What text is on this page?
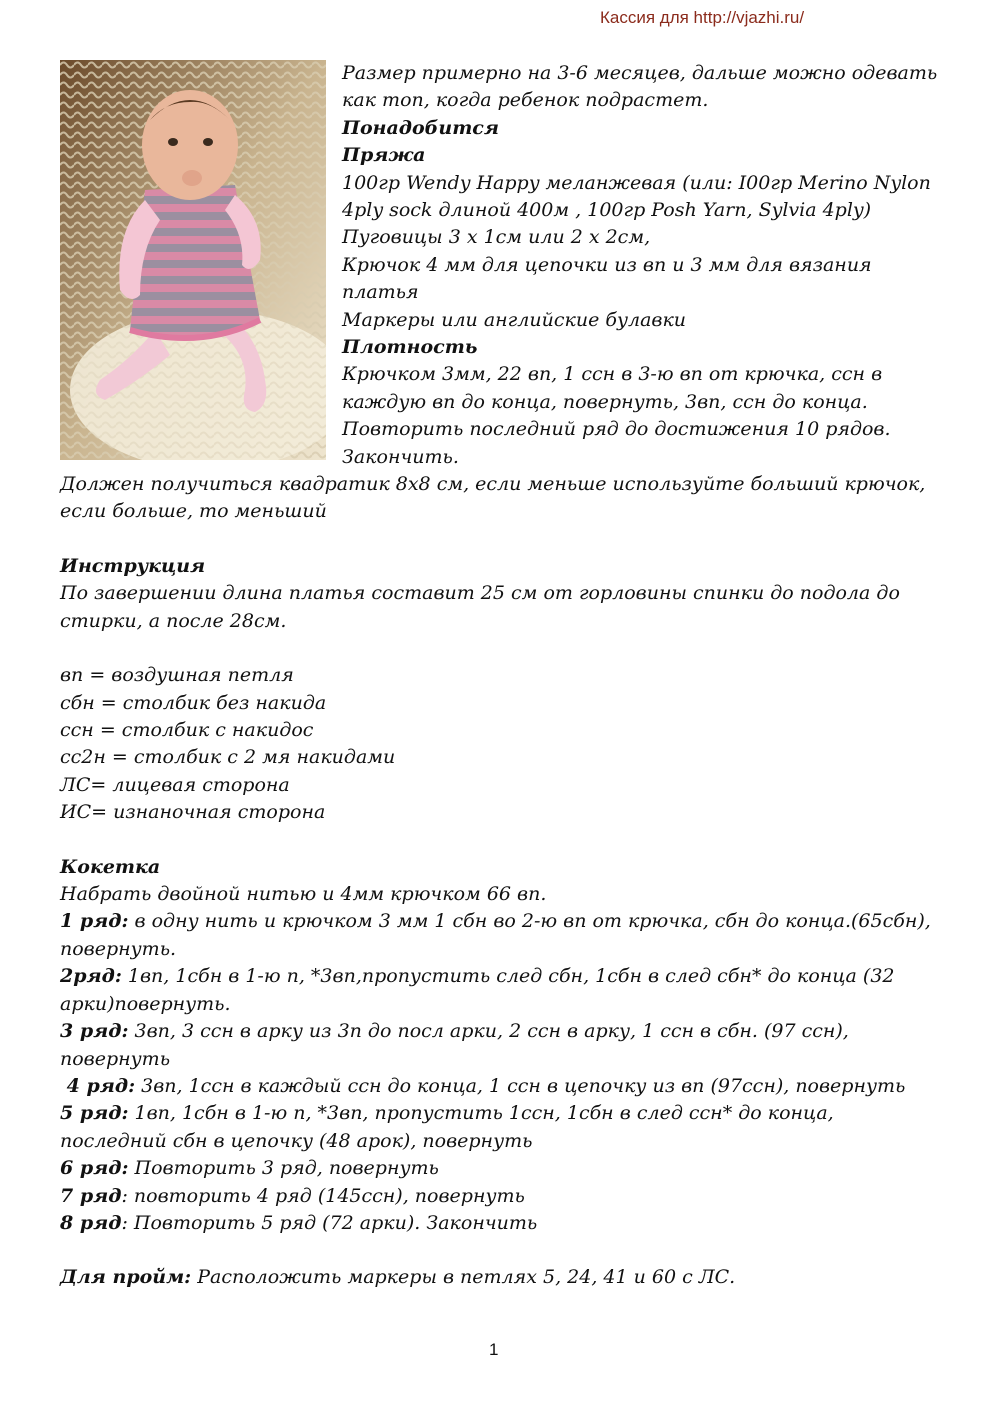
Кассия для http://vjazhi.ru/

Размер примерно на 3-6 месяцев, дальше можно одевать как топ, когда ребенок подрастет.

Понадобится

Пряжа

100гр Wendy Happy меланжевая (или: I00гр Merino Nylon 4ply sock длиной 400м , 100гр Posh Yarn, Sylvia 4ply)

Пуговицы 3 x 1см или 2 x 2см,

Крючок 4 мм для цепочки из вп и 3 мм для вязания платья

Маркеры или английские булавки

Плотность

Крючком 3мм, 22 вп, 1 ссн в 3-ю вп от крючка, ссн в каждую вп до конца, повернуть, 3вп, ссн до конца. Повторить последний ряд до достижения 10 рядов. Закончить.

Должен получиться квадратик 8x8 см, если меньше используйте больший крючок, если больше, то меньший

Инструкция

По завершении длина платья составит 25 см от горловины спинки до подола до стирки, а после 28см.

вп = воздушная петля

сбн = столбик без накида

ссн = столбик с накидос

сс2н = столбик с 2 мя накидами

ЛС= лицевая сторона

ИС= изнаночная сторона

Кокетка

Набрать двойной нитью и 4мм крючком 66 вп.

1 ряд: в одну нить и крючком 3 мм 1 сбн во 2-ю вп от крючка, сбн до конца.(65сбн), повернуть.

2ряд: 1вп, 1сбн в 1-ю п, *3вп,пропустить след сбн, 1сбн в след сбн* до конца (32 арки)повернуть.

3 ряд: 3вп, 3 ссн в арку из 3п до посл арки, 2 ссн в арку, 1 ссн в сбн. (97 ссн), повернуть

4 ряд: 3вп, 1ссн в каждый ссн до конца, 1 ссн в цепочку из вп (97ссн), повернуть

5 ряд: 1вп, 1сбн в 1-ю п, *3вп, пропустить 1ссн, 1сбн в след ссн* до конца, последний сбн в цепочку (48 арок), повернуть

6 ряд: Повторить 3 ряд, повернуть

7 ряд: повторить 4 ряд (145ссн), повернуть

8 ряд: Повторить 5 ряд (72 арки). Закончить

Для пройм: Расположить маркеры в петлях 5, 24, 41 и 60 с ЛС.

1
